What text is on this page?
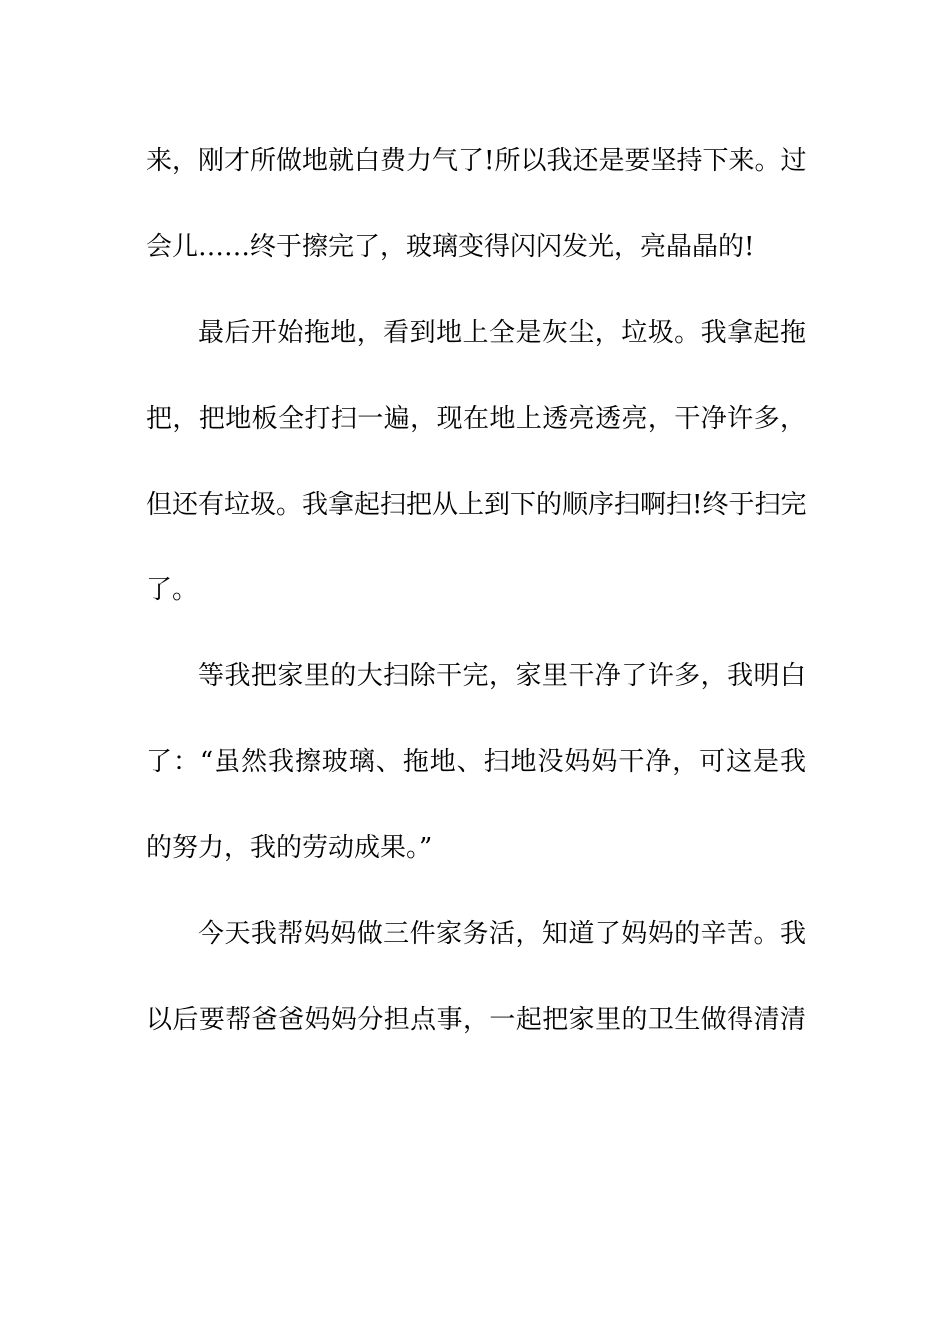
来，刚才所做地就白费力气了!所以我还是要坚持下来。过
会儿……终于擦完了，玻璃变得闪闪发光，亮晶晶的!
最后开始拖地，看到地上全是灰尘，垃圾。我拿起拖
把，把地板全打扫一遍，现在地上透亮透亮，干净许多，
但还有垃圾。我拿起扫把从上到下的顺序扫啊扫!终于扫完
了。
等我把家里的大扫除干完，家里干净了许多，我明白
了：“虽然我擦玻璃、拖地、扫地没妈妈干净，可这是我
的努力，我的劳动成果。”
今天我帮妈妈做三件家务活，知道了妈妈的辛苦。我
以后要帮爸爸妈妈分担点事，一起把家里的卫生做得清清
